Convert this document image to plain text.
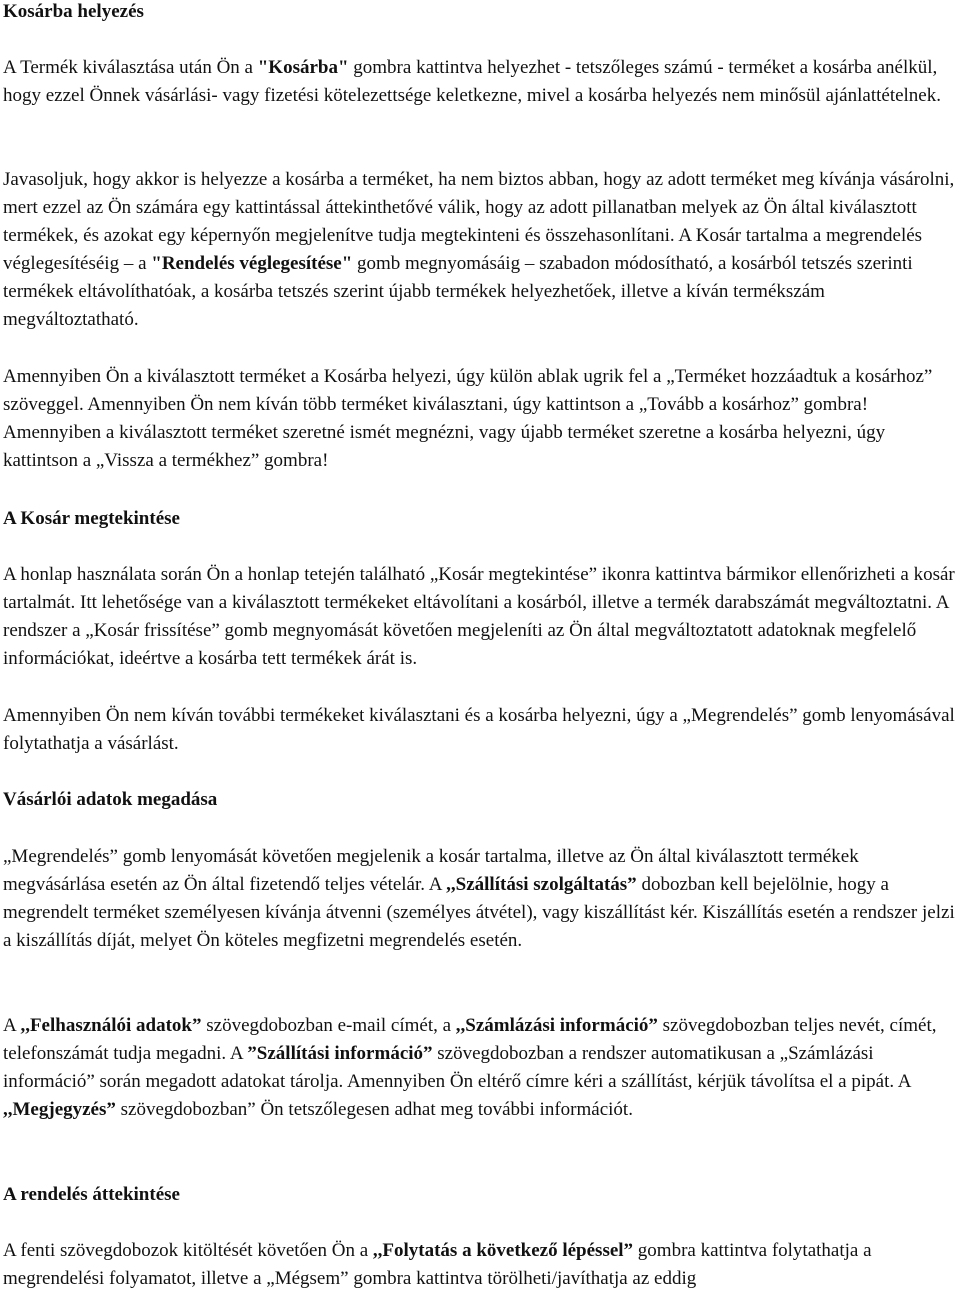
Kosárba helyezés

A Termék kiválasztása után Ön a "Kosárba" gombra kattintva helyezhet - tetszőleges számú - terméket a kosárba anélkül, hogy ezzel Önnek vásárlási- vagy fizetési kötelezettsége keletkezne, mivel a kosárba helyezés nem minősül ajánlattételnek.

Javasoljuk, hogy akkor is helyezze a kosárba a terméket, ha nem biztos abban, hogy az adott terméket meg kívánja vásárolni, mert ezzel az Ön számára egy kattintással áttekinthetővé válik, hogy az adott pillanatban melyek az Ön által kiválasztott termékek, és azokat egy képernyőn megjelenítve tudja megtekinteni és összehasonlítani. A Kosár tartalma a megrendelés véglegesítéséig – a "Rendelés véglegesítése" gomb megnyomásáig – szabadon módosítható, a kosárból tetszés szerinti termékek eltávolíthatóak, a kosárba tetszés szerint újabb termékek helyezhetőek, illetve a kíván termékszám megváltoztatható.

Amennyiben Ön a kiválasztott terméket a Kosárba helyezi, úgy külön ablak ugrik fel a „Terméket hozzáadtuk a kosárhoz” szöveggel. Amennyiben Ön nem kíván több terméket kiválasztani, úgy kattintson a „Tovább a kosárhoz” gombra! Amennyiben a kiválasztott terméket szeretné ismét megnézni, vagy újabb terméket szeretne a kosárba helyezni, úgy kattintson a „Vissza a termékhez” gombra!

A Kosár megtekintése

A honlap használata során Ön a honlap tetején található „Kosár megtekintése” ikonra kattintva bármikor ellenőrizheti a kosár tartalmát. Itt lehetősége van a kiválasztott termékeket eltávolítani a kosárból, illetve a termék darabszámát megváltoztatni. A rendszer a „Kosár frissítése” gomb megnyomását követően megjeleníti az Ön által megváltoztatott adatoknak megfelelő információkat, ideértve a kosárba tett termékek árát is.

Amennyiben Ön nem kíván további termékeket kiválasztani és a kosárba helyezni, úgy a „Megrendelés” gomb lenyomásával folytathatja a vásárlást.

Vásárlói adatok megadása

„Megrendelés” gomb lenyomását követően megjelenik a kosár tartalma, illetve az Ön által kiválasztott termékek megvásárlása esetén az Ön által fizetendő teljes vételár. A ,,Szállítási szolgáltatás” dobozban kell bejelölnie, hogy a megrendelt terméket személyesen kívánja átvenni (személyes átvétel), vagy kiszállítást kér. Kiszállítás esetén a rendszer jelzi a kiszállítás díját, melyet Ön köteles megfizetni megrendelés esetén.

A ,,Felhasználói adatok” szövegdobozban e-mail címét, a ,,Számlázási információ” szövegdobozban teljes nevét, címét, telefonszámát tudja megadni. A ”Szállítási információ” szövegdobozban a rendszer automatikusan a „Számlázási információ” során megadott adatokat tárolja. Amennyiben Ön eltérő címre kéri a szállítást, kérjük távolítsa el a pipát. A ,,Megjegyzés” szövegdobozban” Ön tetszőlegesen adhat meg további információt.

A rendelés áttekintése

A fenti szövegdobozok kitöltését követően Ön a ,,Folytatás a következő lépéssel” gombra kattintva folytathatja a megrendelési folyamatot, illetve a „Mégsem” gombra kattintva törölheti/javíthatja az eddig
